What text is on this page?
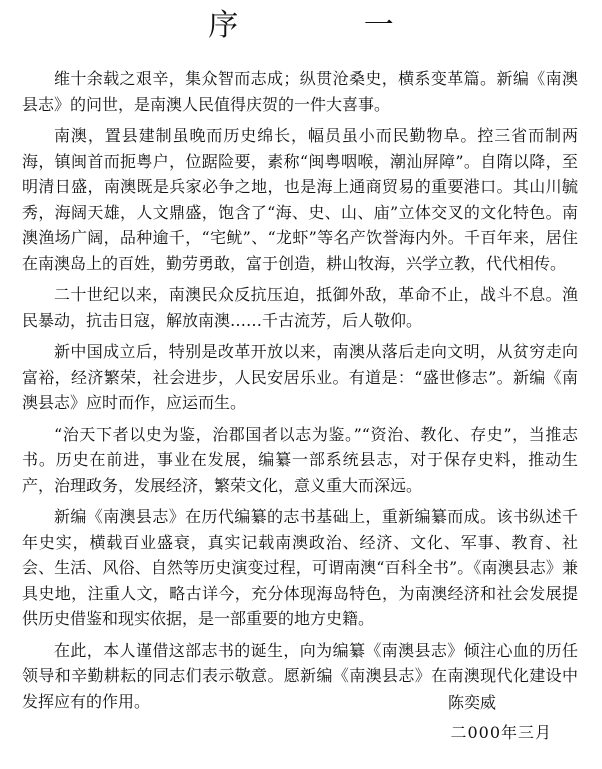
序 一

维十余载之艰辛，集众智而志成；纵贯沧桑史，横系变革篇。新编《南澳县志》的问世，是南澳人民值得庆贺的一件大喜事。

南澳，置县建制虽晚而历史绵长，幅员虽小而民勤物阜。控三省而制两海，镇闽首而扼粤户，位踞险要，素称“闽粤咽喉，潮汕屏障”。自隋以降，至明清日盛，南澳既是兵家必争之地，也是海上通商贸易的重要港口。其山川毓秀，海阔天雄，人文鼎盛，饱含了“海、史、山、庙”立体交叉的文化特色。南澳渔场广阔，品种逾千，“宅鱿”、“龙虾”等名产饮誉海内外。千百年来，居住在南澳岛上的百姓，勤劳勇敢，富于创造，耕山牧海，兴学立教，代代相传。

二十世纪以来，南澳民众反抗压迫，抵御外敌，革命不止，战斗不息。渔民暴动，抗击日寇，解放南澳……千古流芳，后人敬仰。

新中国成立后，特别是改革开放以来，南澳从落后走向文明，从贫穷走向富裕，经济繁荣，社会进步，人民安居乐业。有道是：“盛世修志”。新编《南澳县志》应时而作，应运而生。

“治天下者以史为鉴，治郡国者以志为鉴。”“资治、教化、存史”，当推志书。历史在前进，事业在发展，编纂一部系统县志，对于保存史料，推动生产，治理政务，发展经济，繁荣文化，意义重大而深远。

新编《南澳县志》在历代编纂的志书基础上，重新编纂而成。该书纵述千年史实，横载百业盛衰，真实记载南澳政治、经济、文化、军事、教育、社会、生活、风俗、自然等历史演变过程，可谓南澳“百科全书”。《南澳县志》兼具史地，注重人文，略古详今，充分体现海岛特色，为南澳经济和社会发展提供历史借鉴和现实依据，是一部重要的地方史籍。

在此，本人谨借这部志书的诞生，向为编纂《南澳县志》倾注心血的历任领导和辛勤耕耘的同志们表示敬意。愿新编《南澳县志》在南澳现代化建设中发挥应有的作用。	陈奕威
二000年三月
